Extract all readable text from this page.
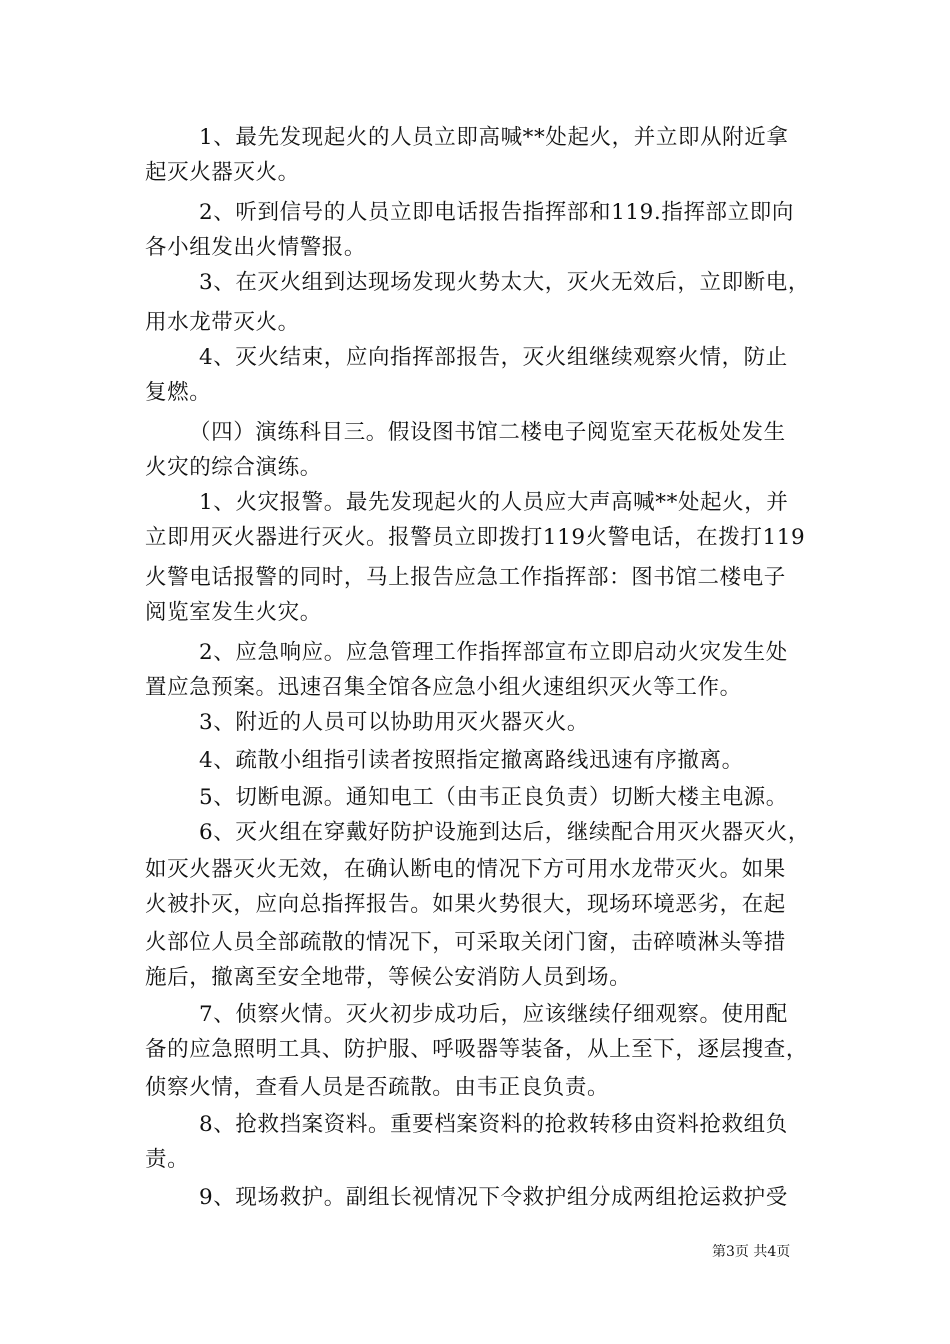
1、最先发现起火的人员立即高喊**处起火，并立即从附近拿
起灭火器灭火。
2、听到信号的人员立即电话报告指挥部和119.指挥部立即向
各小组发出火情警报。
3、在灭火组到达现场发现火势太大，灭火无效后，立即断电，
用水龙带灭火。
4、灭火结束，应向指挥部报告，灭火组继续观察火情，防止
复燃。
（四）演练科目三。假设图书馆二楼电子阅览室天花板处发生
火灾的综合演练。
1、火灾报警。最先发现起火的人员应大声高喊**处起火，并
立即用灭火器进行灭火。报警员立即拨打119火警电话，在拨打119
火警电话报警的同时，马上报告应急工作指挥部：图书馆二楼电子
阅览室发生火灾。
2、应急响应。应急管理工作指挥部宣布立即启动火灾发生处
置应急预案。迅速召集全馆各应急小组火速组织灭火等工作。
3、附近的人员可以协助用灭火器灭火。
4、疏散小组指引读者按照指定撤离路线迅速有序撤离。
5、切断电源。通知电工（由韦正良负责）切断大楼主电源。
6、灭火组在穿戴好防护设施到达后，继续配合用灭火器灭火，
如灭火器灭火无效，在确认断电的情况下方可用水龙带灭火。如果
火被扑灭，应向总指挥报告。如果火势很大，现场环境恶劣，在起
火部位人员全部疏散的情况下，可采取关闭门窗，击碎喷淋头等措
施后，撤离至安全地带，等候公安消防人员到场。
7、侦察火情。灭火初步成功后，应该继续仔细观察。使用配
备的应急照明工具、防护服、呼吸器等装备，从上至下，逐层搜查，
侦察火情，查看人员是否疏散。由韦正良负责。
8、抢救挡案资料。重要档案资料的抢救转移由资料抢救组负
责。
9、现场救护。副组长视情况下令救护组分成两组抢运救护受
第3页 共4页
